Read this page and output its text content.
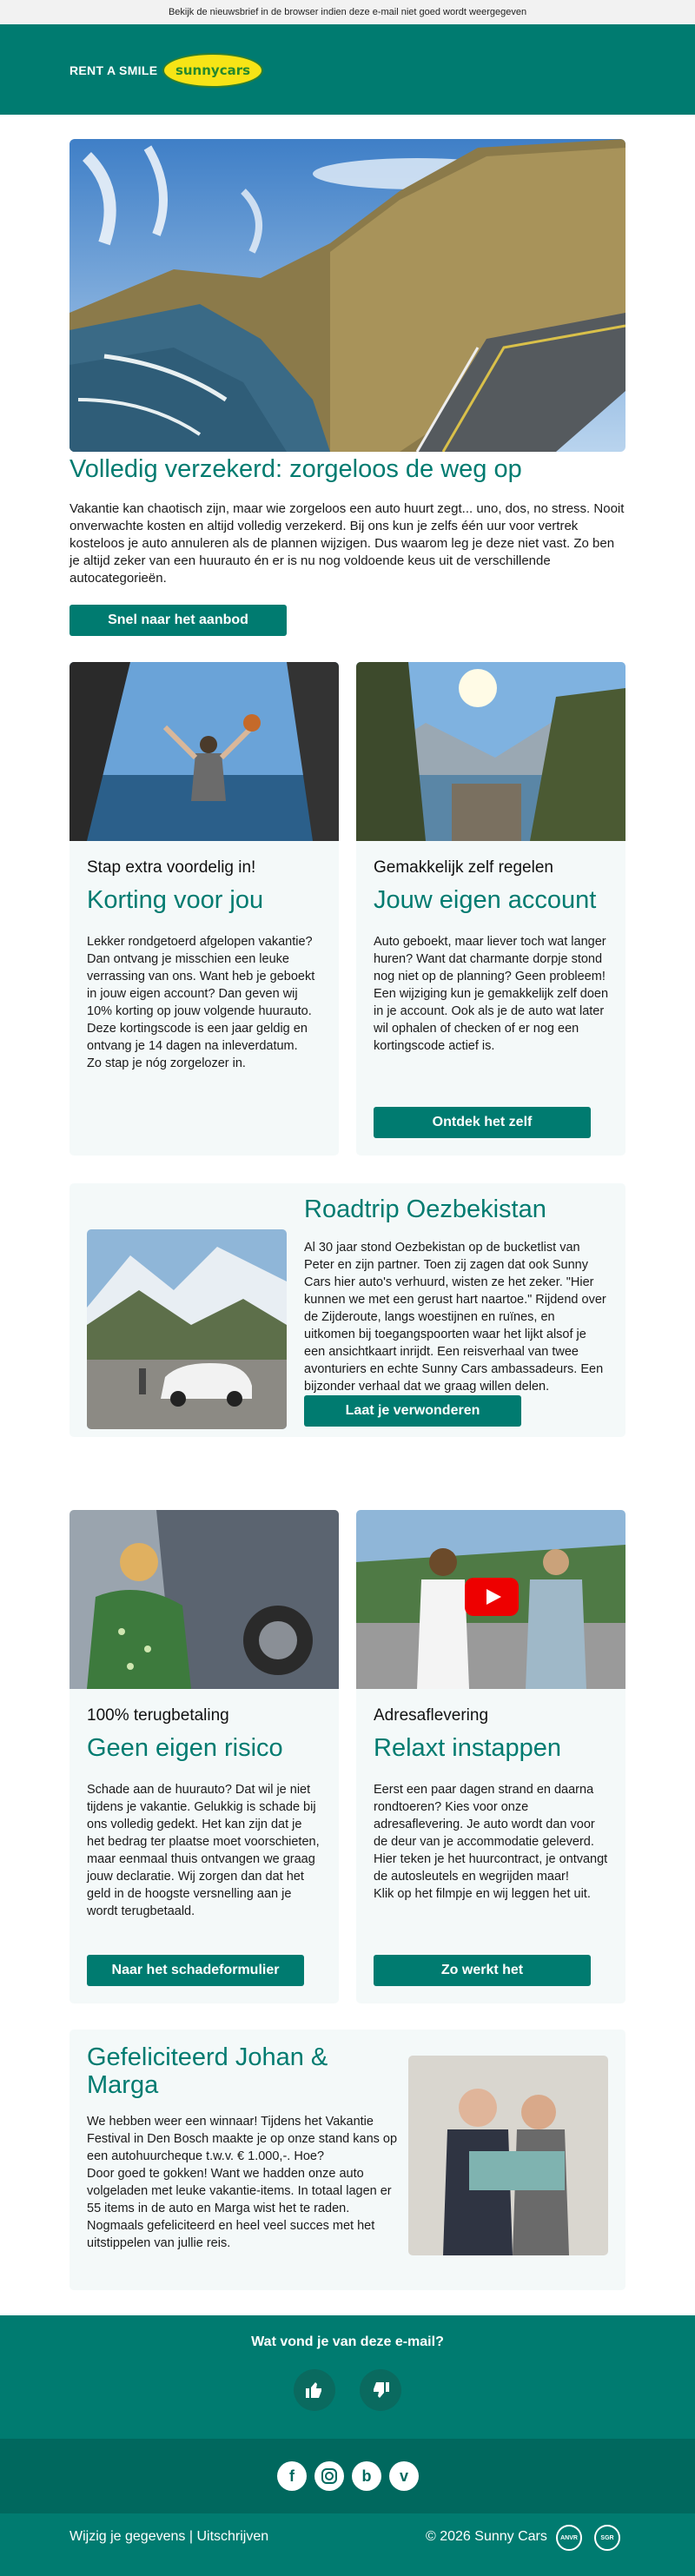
Bekijk de nieuwsbrief in de browser indien deze e-mail niet goed wordt weergegeven
RENT A SMILE sunnycars
Volledig verzekerd: zorgeloos de weg op
Vakantie kan chaotisch zijn, maar wie zorgeloos een auto huurt zegt... uno, dos, no stress. Nooit onverwachte kosten en altijd volledig verzekerd. Bij ons kun je zelfs één uur voor vertrek kosteloos je auto annuleren als de plannen wijzigen. Dus waarom leg je deze niet vast. Zo ben je altijd zeker van een huurauto én er is nu nog voldoende keus uit de verschillende autocategorieën.
Snel naar het aanbod
Stap extra voordelig in!
Korting voor jou
Lekker rondgetoerd afgelopen vakantie? Dan ontvang je misschien een leuke verrassing van ons. Want heb je geboekt in jouw eigen account? Dan geven wij 10% korting op jouw volgende huurauto. Deze kortingscode is een jaar geldig en ontvang je 14 dagen na inleverdatum.
Zo stap je nóg zorgelozer in.
Gemakkelijk zelf regelen
Jouw eigen account
Auto geboekt, maar liever toch wat langer huren? Want dat charmante dorpje stond nog niet op de planning? Geen probleem! Een wijziging kun je gemakkelijk zelf doen in je account. Ook als je de auto wat later wil ophalen of checken of er nog een kortingscode actief is.
Ontdek het zelf
Roadtrip Oezbekistan
Al 30 jaar stond Oezbekistan op de bucketlist van Peter en zijn partner. Toen zij zagen dat ook Sunny Cars hier auto's verhuurd, wisten ze het zeker. "Hier kunnen we met een gerust hart naartoe." Rijdend over de Zijderoute, langs woestijnen en ruïnes, en uitkomen bij toegangspoorten waar het lijkt alsof je een ansichtkaart inrijdt. Een reisverhaal van twee avonturiers en echte Sunny Cars ambassadeurs. Een bijzonder verhaal dat we graag willen delen.
Laat je verwonderen
100% terugbetaling
Geen eigen risico
Schade aan de huurauto? Dat wil je niet tijdens je vakantie. Gelukkig is schade bij ons volledig gedekt. Het kan zijn dat je het bedrag ter plaatse moet voorschieten, maar eenmaal thuis ontvangen we graag jouw declaratie. Wij zorgen dan dat het geld in de hoogste versnelling aan je wordt terugbetaald.
Naar het schadeformulier
Adresaflevering
Relaxt instappen
Eerst een paar dagen strand en daarna rondtoeren? Kies voor onze adresaflevering. Je auto wordt dan voor de deur van je accommodatie geleverd. Hier teken je het huurcontract, je ontvangt de autosleutels en wegrijden maar!
Klik op het filmpje en wij leggen het uit.
Zo werkt het
Gefeliciteerd Johan & Marga
We hebben weer een winnaar! Tijdens het Vakantie Festival in Den Bosch maakte je op onze stand kans op een autohuurcheque t.w.v. € 1.000,-. Hoe?
Door goed te gokken! Want we hadden onze auto volgeladen met leuke vakantie-items. In totaal lagen er 55 items in de auto en Marga wist het te raden. Nogmaals gefeliciteerd en heel veel succes met het uitstippelen van jullie reis.
Wat vond je van deze e-mail?
f	b	v
Wijzig je gegevens | Uitschrijven	© 2026 Sunny Cars	ANVR	SGR
